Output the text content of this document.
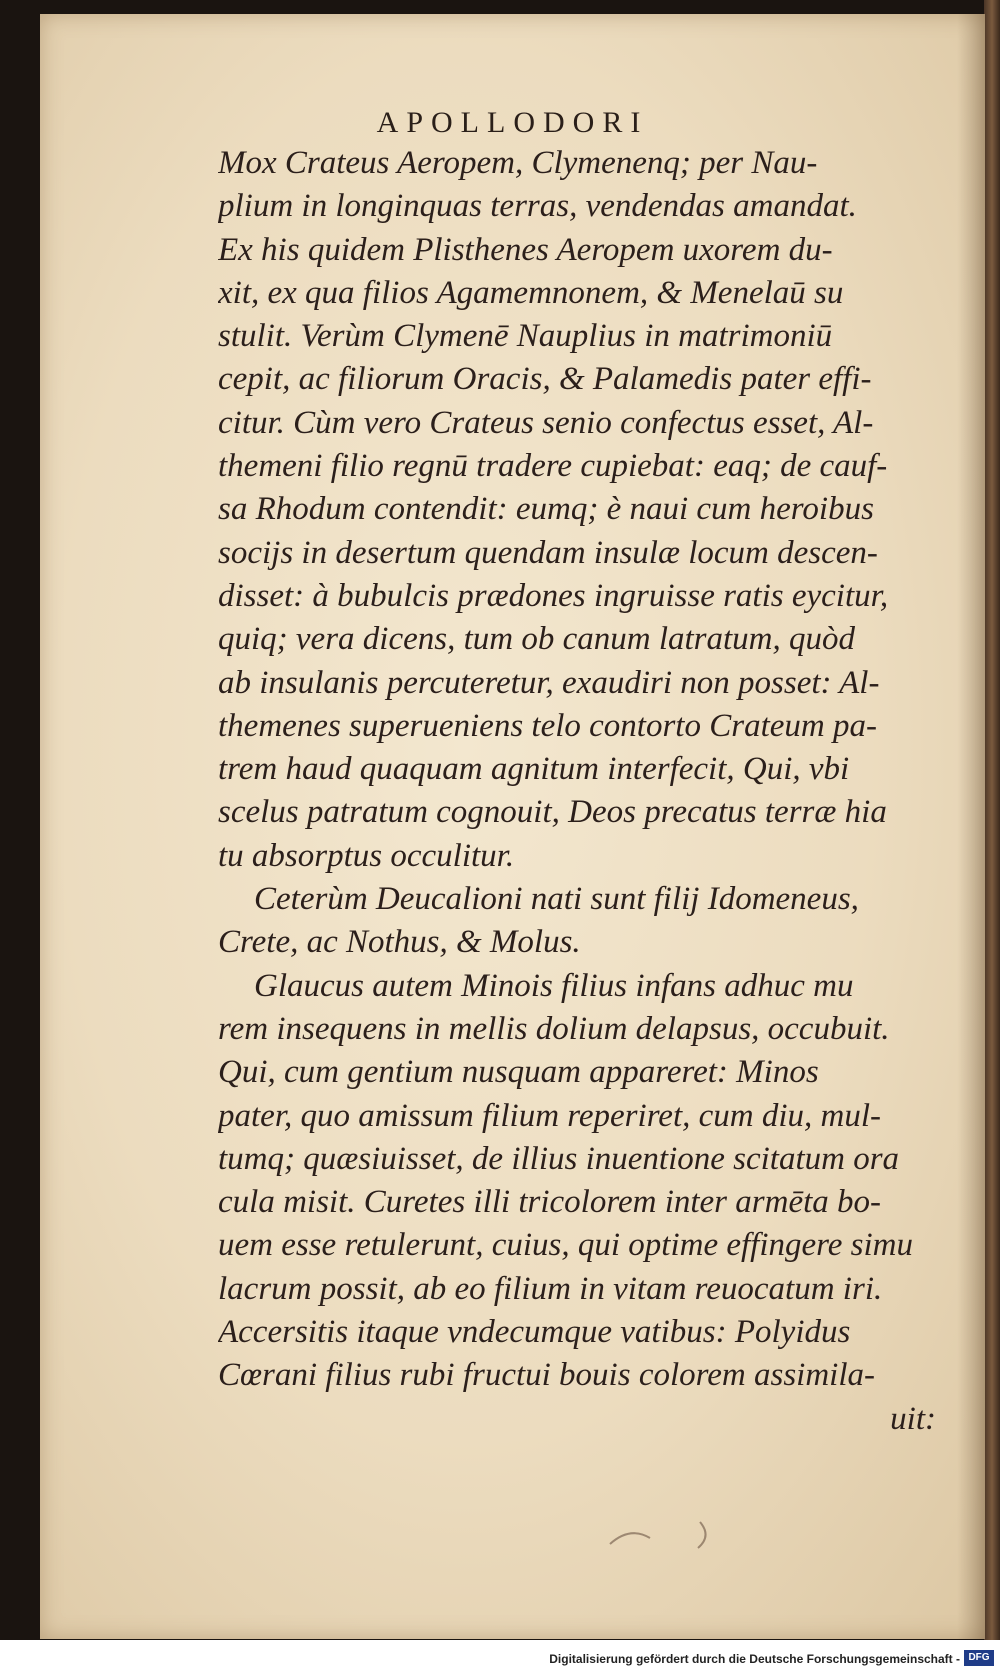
APOLLODORI
Mox Crateus Aeropem, Clymenenq; per Nau-
plium in longinquas terras, vendendas amandat.
Ex his quidem Plisthenes Aeropem uxorem du-
xit, ex qua filios Agamemnonem, & Menelaū su
stulit. Verùm Clymenē Nauplius in matrimoniū
cepit, ac filiorum Oracis, & Palamedis pater effi-
citur. Cùm vero Crateus senio confectus esset, Al-
themeni filio regnū tradere cupiebat: eaq; de cauf-
sa Rhodum contendit: eumq; è naui cum heroibus
socijs in desertum quendam insulæ locum descen-
disset: à bubulcis prædones ingruisse ratis eycitur,
quiq; vera dicens, tum ob canum latratum, quòd
ab insulanis percuteretur, exaudiri non posset: Al-
themenes superueniens telo contorto Crateum pa-
trem haud quaquam agnitum interfecit, Qui, vbi
scelus patratum cognouit, Deos precatus terræ hia
tu absorptus occulitur.
Ceterùm Deucalioni nati sunt filij Idomeneus,
Crete, ac Nothus, & Molus.
Glaucus autem Minois filius infans adhuc mu
rem insequens in mellis dolium delapsus, occubuit.
Qui, cum gentium nusquam appareret: Minos
pater, quo amissum filium reperiret, cum diu, mul-
tumq; quæsiuisset, de illius inuentione scitatum ora
cula misit. Curetes illi tricolorem inter armēta bo-
uem esse retulerunt, cuius, qui optime effingere simu
lacrum possit, ab eo filium in vitam reuocatum iri.
Accersitis itaque vndecumque vatibus: Polyidus
Cœrani filius rubi fructui bouis colorem assimila-
uit:
Digitalisierung gefördert durch die Deutsche Forschungsgemeinschaft - DFG
